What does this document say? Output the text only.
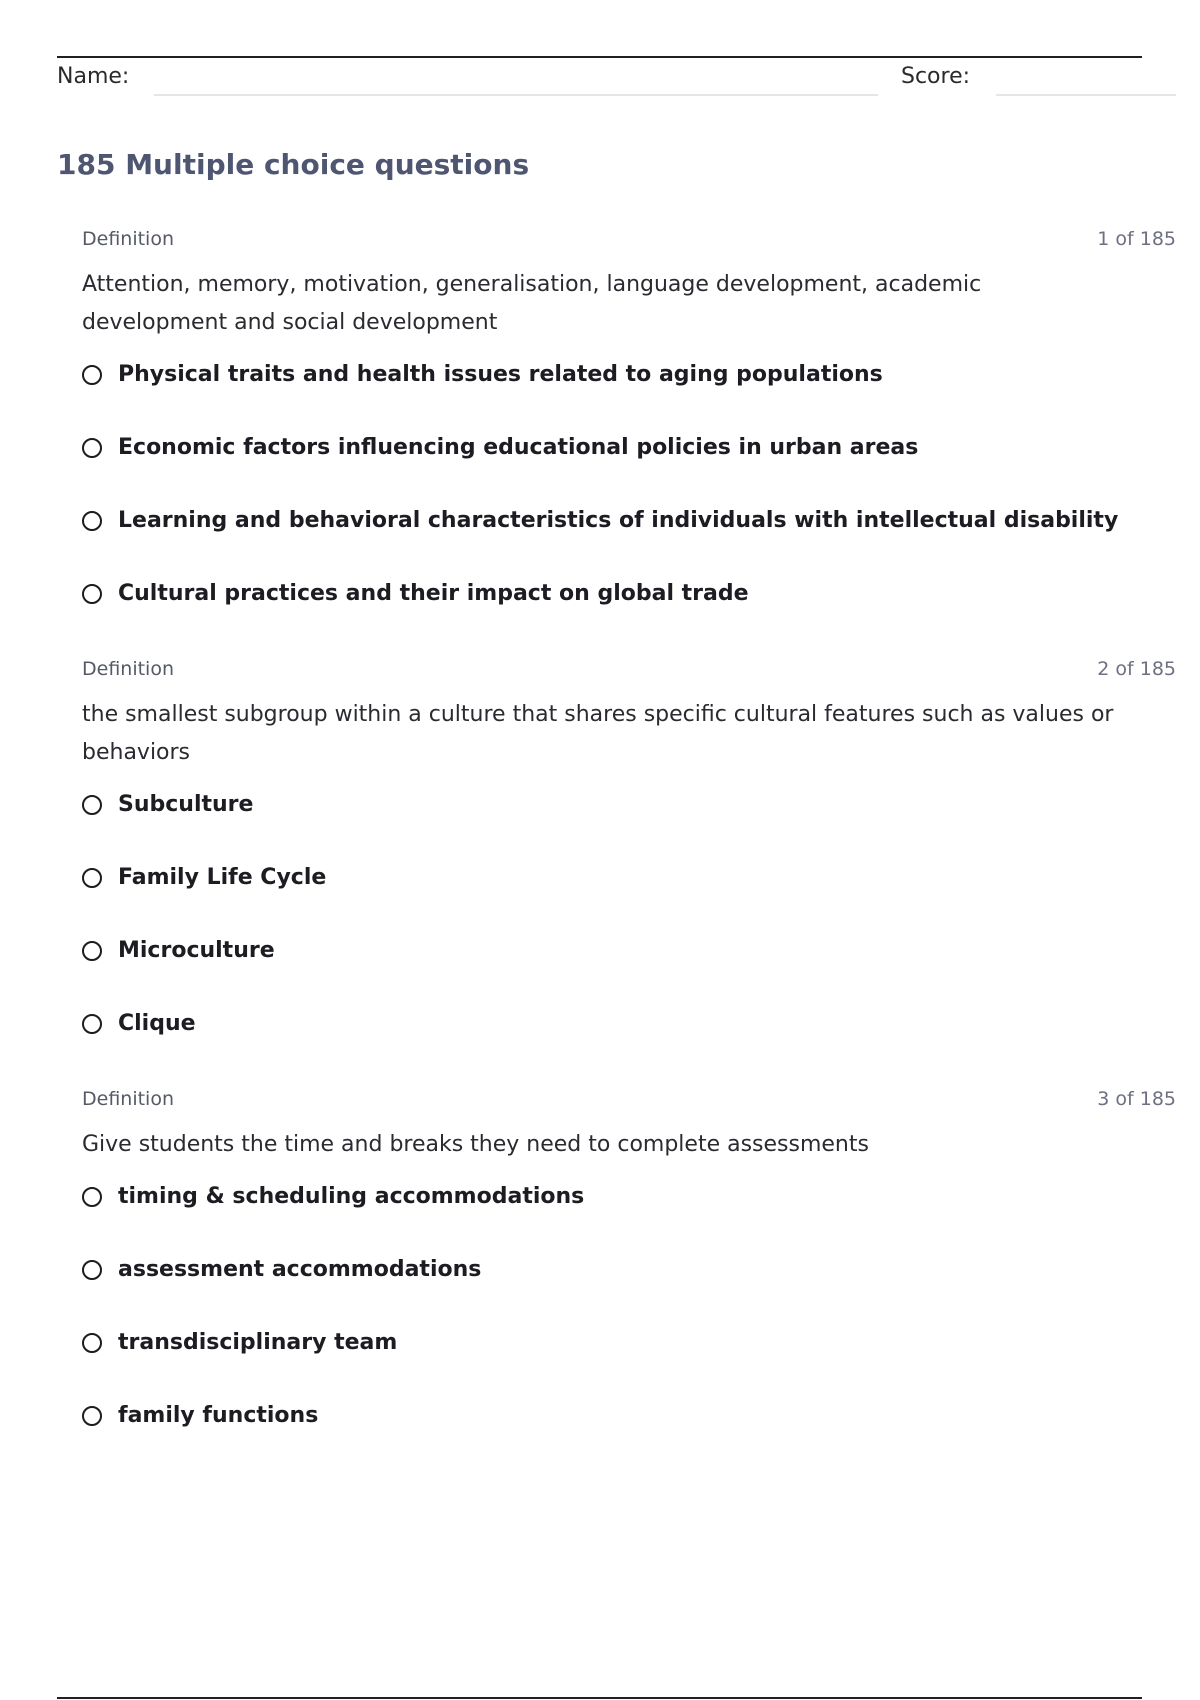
Name:	Score:
185 Multiple choice questions
Definition	1 of 185
Attention, memory, motivation, generalisation, language development, academic development and social development
Physical traits and health issues related to aging populations
Economic factors influencing educational policies in urban areas
Learning and behavioral characteristics of individuals with intellectual disability
Cultural practices and their impact on global trade
Definition	2 of 185
the smallest subgroup within a culture that shares specific cultural features such as values or behaviors
Subculture
Family Life Cycle
Microculture
Clique
Definition	3 of 185
Give students the time and breaks they need to complete assessments
timing & scheduling accommodations
assessment accommodations
transdisciplinary team
family functions
